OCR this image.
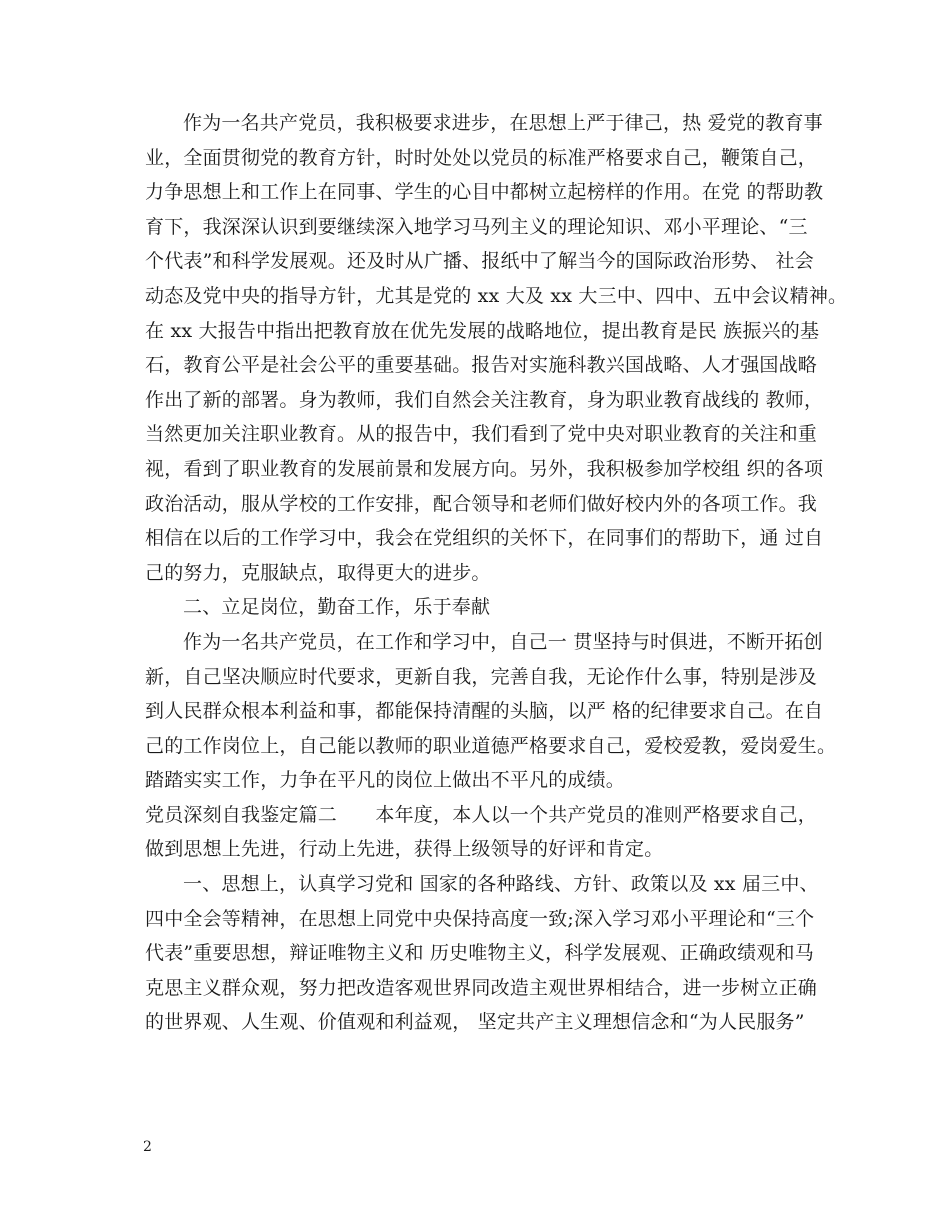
作为一名共产党员，我积极要求进步，在思想上严于律己，热 爱党的教育事
业，全面贯彻党的教育方针，时时处处以党员的标准严格要求自己，鞭策自己，
力争思想上和工作上在同事、学生的心目中都树立起榜样的作用。在党 的帮助教
育下，我深深认识到要继续深入地学习马列主义的理论知识、邓小平理论、“三
个代表”和科学发展观。还及时从广播、报纸中了解当今的国际政治形势、 社会
动态及党中央的指导方针，尤其是党的 xx 大及 xx 大三中、四中、五中会议精神。
在 xx 大报告中指出把教育放在优先发展的战略地位，提出教育是民 族振兴的基
石，教育公平是社会公平的重要基础。报告对实施科教兴国战略、人才强国战略
作出了新的部署。身为教师，我们自然会关注教育，身为职业教育战线的 教师，
当然更加关注职业教育。从的报告中，我们看到了党中央对职业教育的关注和重
视，看到了职业教育的发展前景和发展方向。另外，我积极参加学校组 织的各项
政治活动，服从学校的工作安排，配合领导和老师们做好校内外的各项工作。我
相信在以后的工作学习中，我会在党组织的关怀下，在同事们的帮助下，通 过自
己的努力，克服缺点，取得更大的进步。
二、立足岗位，勤奋工作，乐于奉献
作为一名共产党员，在工作和学习中，自己一 贯坚持与时俱进，不断开拓创
新，自己坚决顺应时代要求，更新自我，完善自我，无论作什么事，特别是涉及
到人民群众根本利益和事，都能保持清醒的头脑，以严 格的纪律要求自己。在自
己的工作岗位上，自己能以教师的职业道德严格要求自己，爱校爱教，爱岗爱生。
踏踏实实工作，力争在平凡的岗位上做出不平凡的成绩。
党员深刻自我鉴定篇二　　本年度，本人以一个共产党员的准则严格要求自己，
做到思想上先进，行动上先进，获得上级领导的好评和肯定。
一、思想上，认真学习党和 国家的各种路线、方针、政策以及 xx 届三中、
四中全会等精神，在思想上同党中央保持高度一致;深入学习邓小平理论和“三个
代表”重要思想，辩证唯物主义和 历史唯物主义，科学发展观、正确政绩观和马
克思主义群众观，努力把改造客观世界同改造主观世界相结合，进一步树立正确
的世界观、人生观、价值观和利益观， 坚定共产主义理想信念和“为人民服务”
2
